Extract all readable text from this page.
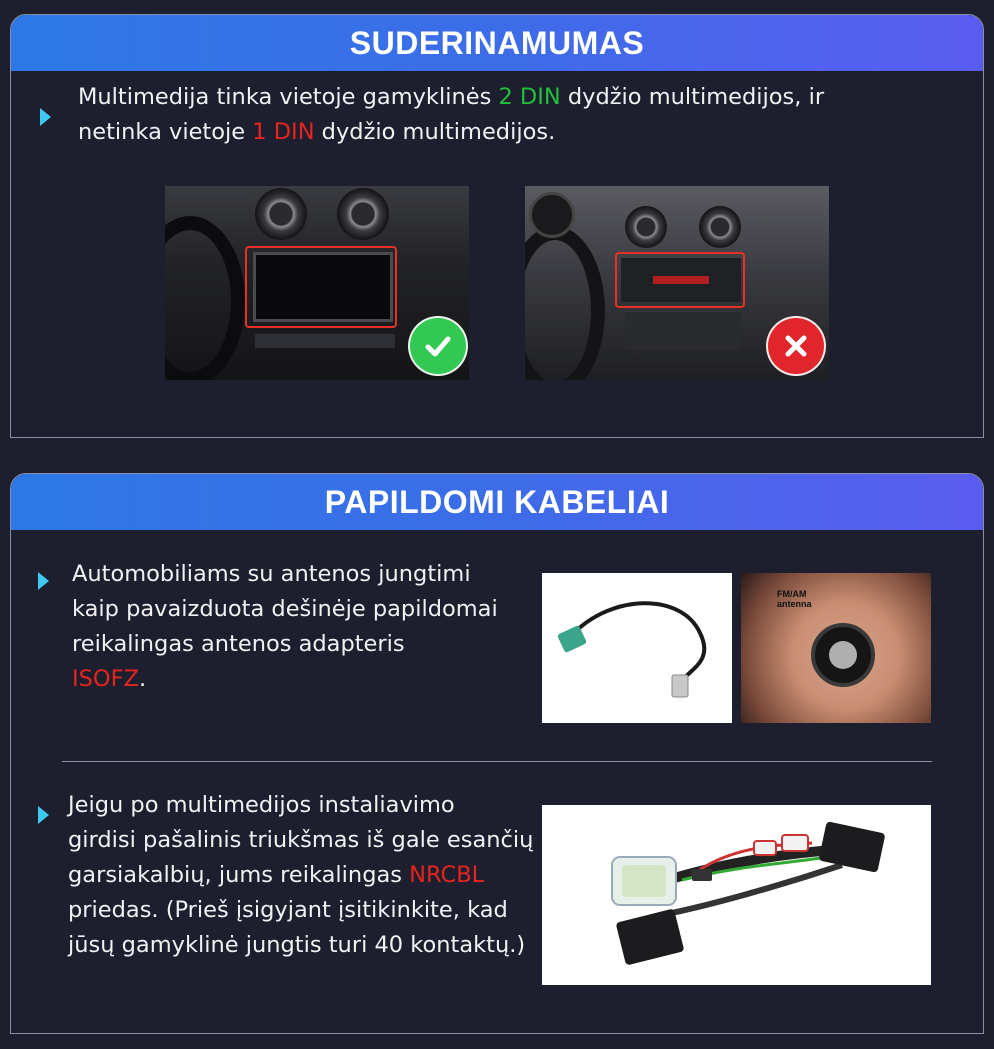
SUDERINAMUMAS
Multimedija tinka vietoje gamyklinės 2 DIN dydžio multimedijos, ir
netinka vietoje 1 DIN dydžio multimedijos.
PAPILDOMI KABELIAI
Automobiliams su antenos jungtimi
kaip pavaizduota dešinėje papildomai
reikalingas antenos adapteris
ISOFZ.
FM/AM
antenna
Jeigu po multimedijos instaliavimo
girdisi pašalinis triukšmas iš gale esančių
garsiakalbių, jums reikalingas NRCBL
priedas. (Prieš įsigyjant įsitikinkite, kad
jūsų gamyklinė jungtis turi 40 kontaktų.)
